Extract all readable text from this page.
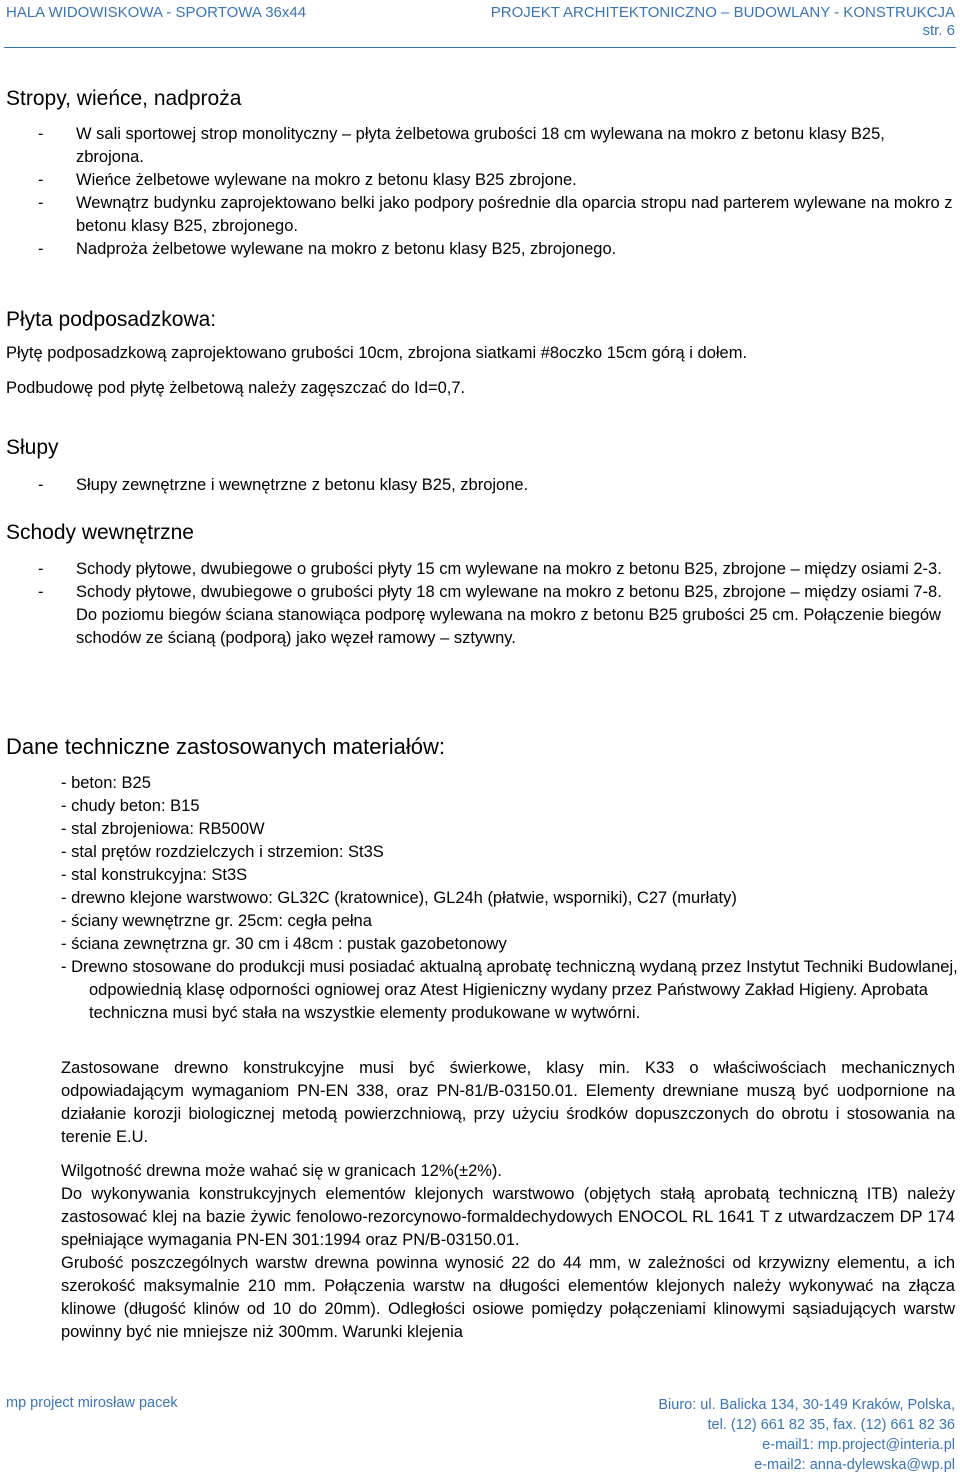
HALA WIDOWISKOWA - SPORTOWA 36x44	PROJEKT ARCHITEKTONICZNO – BUDOWLANY - KONSTRUKCJA
str. 6
Stropy, wieńce, nadproża
- W sali sportowej strop monolityczny – płyta żelbetowa grubości 18 cm wylewana na mokro z betonu klasy B25, zbrojona.
- Wieńce żelbetowe wylewane na mokro z betonu klasy B25 zbrojone.
- Wewnątrz budynku zaprojektowano belki jako podpory pośrednie dla oparcia stropu nad parterem wylewane na mokro z betonu klasy B25, zbrojonego.
- Nadproża żelbetowe wylewane na mokro z betonu klasy B25, zbrojonego.
Płyta podposadzkowa:

Płytę podposadzkową zaprojektowano grubości 10cm, zbrojona siatkami #8oczko 15cm górą i dołem.

Podbudowę pod płytę żelbetową należy zagęszczać do Id=0,7.

Słupy
- Słupy zewnętrzne i wewnętrzne z betonu klasy B25, zbrojone.
Schody wewnętrzne
- Schody płytowe, dwubiegowe o grubości płyty 15 cm wylewane na mokro z betonu B25, zbrojone – między osiami 2-3.
- Schody płytowe, dwubiegowe o grubości płyty 18 cm wylewane na mokro z betonu B25, zbrojone – między osiami 7-8. Do poziomu biegów ściana stanowiąca podporę wylewana na mokro z betonu B25 grubości 25 cm. Połączenie biegów schodów ze ścianą (podporą) jako węzeł ramowy – sztywny.
Dane techniczne zastosowanych materiałów:
- beton: B25
- chudy beton: B15
- stal zbrojeniowa: RB500W
- stal prętów rozdzielczych i strzemion: St3S
- stal konstrukcyjna: St3S
- drewno klejone warstwowo: GL32C (kratownice), GL24h (płatwie, wsporniki), C27 (murłaty)
- ściany wewnętrzne gr. 25cm: cegła pełna
- ściana zewnętrzna gr. 30 cm i 48cm : pustak gazobetonowy
- Drewno stosowane do produkcji musi posiadać aktualną aprobatę techniczną wydaną przez Instytut Techniki Budowlanej, odpowiednią klasę odporności ogniowej oraz Atest Higieniczny wydany przez Państwowy Zakład Higieny. Aprobata techniczna musi być stała na wszystkie elementy produkowane w wytwórni.

Zastosowane drewno konstrukcyjne musi być świerkowe, klasy min. K33 o właściwościach mechanicznych odpowiadającym wymaganiom PN-EN 338, oraz PN-81/B-03150.01. Elementy drewniane muszą być uodpornione na działanie korozji biologicznej metodą powierzchniową, przy użyciu środków dopuszczonych do obrotu i stosowania na terenie E.U.

Wilgotność drewna może wahać się w granicach 12%(±2%).

Do wykonywania konstrukcyjnych elementów klejonych warstwowo (objętych stałą aprobatą techniczną ITB) należy zastosować klej na bazie żywic fenolowo-rezorcynowo-formaldechydowych ENOCOL RL 1641 T z utwardzaczem DP 174 spełniające wymagania PN-EN 301:1994 oraz PN/B-03150.01.

Grubość poszczególnych warstw drewna powinna wynosić 22 do 44 mm, w zależności od krzywizny elementu, a ich szerokość maksymalnie 210 mm. Połączenia warstw na długości elementów klejonych należy wykonywać na złącza klinowe (długość klinów od 10 do 20mm). Odległości osiowe pomiędzy połączeniami klinowymi sąsiadujących warstw powinny być nie mniejsze niż 300mm. Warunki klejenia

mp project mirosław pacek	Biuro: ul. Balicka 134, 30-149 Kraków, Polska,
tel. (12) 661 82 35, fax. (12) 661 82 36
e-mail1: mp.project@interia.pl
e-mail2: anna-dylewska@wp.pl
